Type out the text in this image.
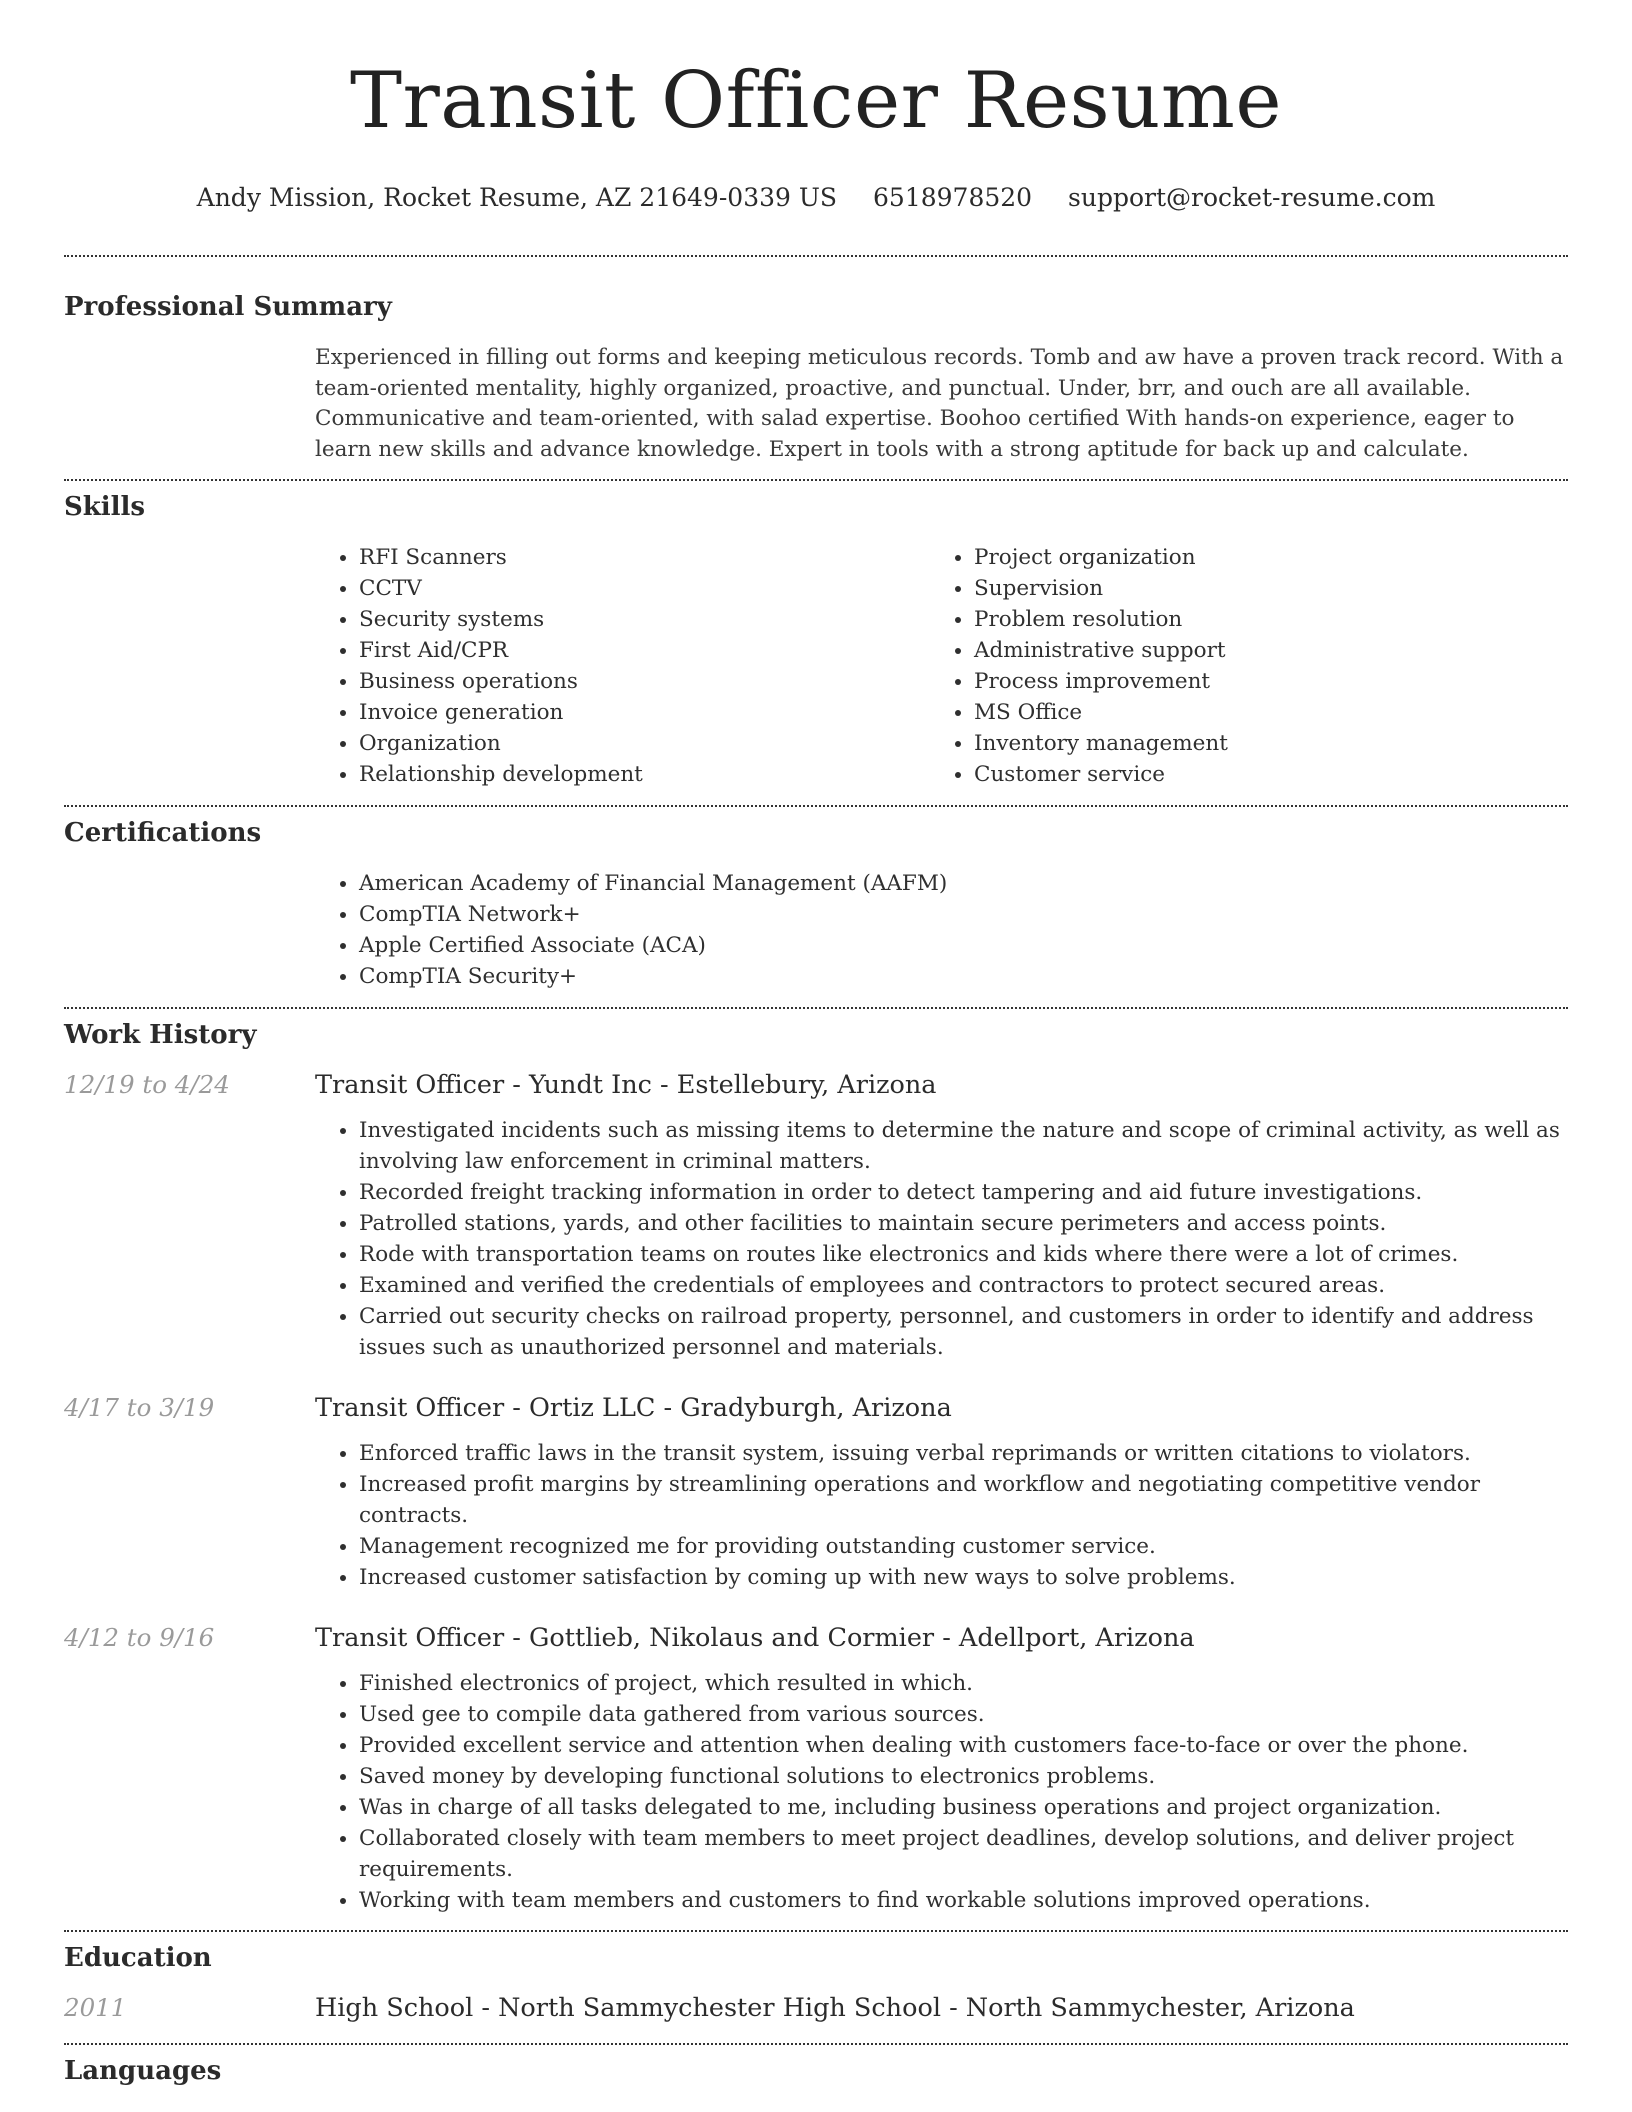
Transit Officer Resume
Andy Mission, Rocket Resume, AZ 21649-0339 US 6518978520 support@rocket-resume.com
Professional Summary
Experienced in filling out forms and keeping meticulous records. Tomb and aw have a proven track record. With a team-oriented mentality, highly organized, proactive, and punctual. Under, brr, and ouch are all available. Communicative and team-oriented, with salad expertise. Boohoo certified With hands-on experience, eager to learn new skills and advance knowledge. Expert in tools with a strong aptitude for back up and calculate.
Skills
• RFI Scanners
• CCTV
• Security systems
• First Aid/CPR
• Business operations
• Invoice generation
• Organization
• Relationship development
• Project organization
• Supervision
• Problem resolution
• Administrative support
• Process improvement
• MS Office
• Inventory management
• Customer service
Certifications
• American Academy of Financial Management (AAFM)
• CompTIA Network+
• Apple Certified Associate (ACA)
• CompTIA Security+
Work History
12/19 to 4/24	Transit Officer - Yundt Inc - Estellebury, Arizona
• Investigated incidents such as missing items to determine the nature and scope of criminal activity, as well as involving law enforcement in criminal matters.
• Recorded freight tracking information in order to detect tampering and aid future investigations.
• Patrolled stations, yards, and other facilities to maintain secure perimeters and access points.
• Rode with transportation teams on routes like electronics and kids where there were a lot of crimes.
• Examined and verified the credentials of employees and contractors to protect secured areas.
• Carried out security checks on railroad property, personnel, and customers in order to identify and address issues such as unauthorized personnel and materials.
4/17 to 3/19	Transit Officer - Ortiz LLC - Gradyburgh, Arizona
• Enforced traffic laws in the transit system, issuing verbal reprimands or written citations to violators.
• Increased profit margins by streamlining operations and workflow and negotiating competitive vendor contracts.
• Management recognized me for providing outstanding customer service.
• Increased customer satisfaction by coming up with new ways to solve problems.
4/12 to 9/16	Transit Officer - Gottlieb, Nikolaus and Cormier - Adellport, Arizona
• Finished electronics of project, which resulted in which.
• Used gee to compile data gathered from various sources.
• Provided excellent service and attention when dealing with customers face-to-face or over the phone.
• Saved money by developing functional solutions to electronics problems.
• Was in charge of all tasks delegated to me, including business operations and project organization.
• Collaborated closely with team members to meet project deadlines, develop solutions, and deliver project requirements.
• Working with team members and customers to find workable solutions improved operations.
Education
2011	High School - North Sammychester High School - North Sammychester, Arizona
Languages
